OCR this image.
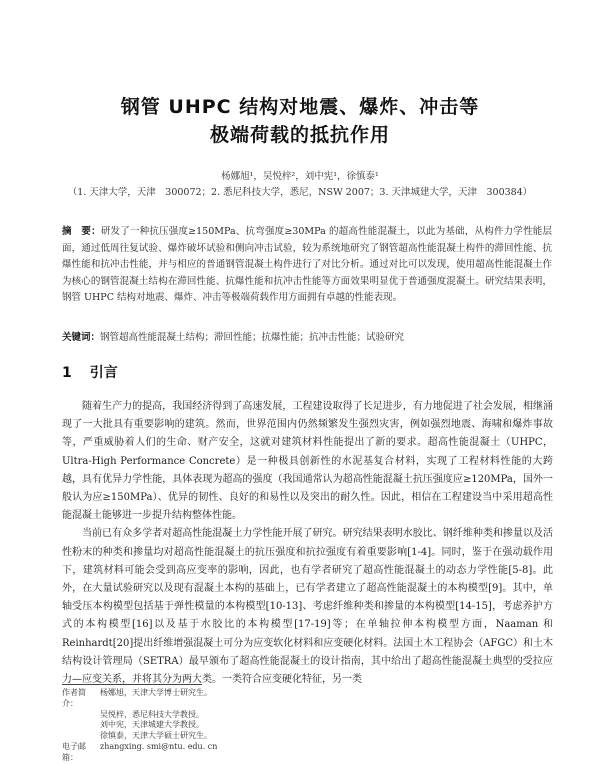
钢管 UHPC 结构对地震、爆炸、冲击等
极端荷载的抵抗作用
杨娜旭¹，吴悦梓²，刘中宪¹，徐慎泰¹
（1. 天津大学，天津　300072；2. 悉尼科技大学，悉尼，NSW 2007；3. 天津城建大学，天津　300384）
摘　要：研发了一种抗压强度≥150MPa、抗弯强度≥30MPa 的超高性能混凝土，以此为基础，从构件力学性能层面，通过低周往复试验、爆炸破坏试验和侧向冲击试验，较为系统地研究了钢管超高性能混凝土构件的滞回性能、抗爆性能和抗冲击性能，并与相应的普通钢管混凝土构件进行了对比分析。通过对比可以发现，使用超高性能混凝土作为核心的钢管混凝土结构在滞回性能、抗爆性能和抗冲击性能等方面效果明显优于普通强度混凝土。研究结果表明，钢管 UHPC 结构对地震、爆炸、冲击等极端荷载作用方面拥有卓越的性能表现。
关键词：钢管超高性能混凝土结构；滞回性能；抗爆性能；抗冲击性能；试验研究
1 引言

随着生产力的提高，我国经济得到了高速发展，工程建设取得了长足进步，有力地促进了社会发展，相继涌现了一大批具有重要影响的建筑。然而，世界范围内仍然频繁发生强烈灾害，例如强烈地震、海啸和爆炸事故等，严重威胁着人们的生命、财产安全，这就对建筑材料性能提出了新的要求。超高性能混凝土（UHPC，Ultra-High Performance Concrete）是一种极具创新性的水泥基复合材料，实现了工程材料性能的大跨越，具有优异力学性能，具体表现为超高的强度（我国通常认为超高性能混凝土抗压强度应≥120MPa，国外一般认为应≥150MPa）、优异的韧性、良好的和易性以及突出的耐久性。因此，相信在工程建设当中采用超高性能混凝土能够进一步提升结构整体性能。

当前已有众多学者对超高性能混凝土力学性能开展了研究。研究结果表明水胶比、钢纤维种类和掺量以及活性粉末的种类和掺量均对超高性能混凝土的抗压强度和抗拉强度有着重要影响[1-4]。同时，鉴于在强动载作用下，建筑材料可能会受到高应变率的影响，因此，也有学者研究了超高性能混凝土的动态力学性能[5-8]。此外，在大量试验研究以及现有混凝土本构的基础上，已有学者建立了超高性能混凝土的本构模型[9]。其中，单轴受压本构模型包括基于弹性模量的本构模型[10-13]、考虑纤维种类和掺量的本构模型[14-15]，考虑养护方式的本构模型[16]以及基于水胶比的本构模型[17-19]等；在单轴拉伸本构模型方面，Naaman 和 Reinhardt[20]提出纤维增强混凝土可分为应变软化材料和应变硬化材料。法国土木工程协会（AFGC）和土木结构设计管理局（SETRA）最早颁布了超高性能混凝土的设计指南，其中给出了超高性能混凝土典型的受拉应力—应变关系，并将其分为两大类。一类符合应变硬化特征，另一类

作者简介：
杨娜旭，天津大学博士研究生。
吴悦梓，悉尼科技大学教授。
刘中宪，天津城建大学教授。
徐慎泰，天津大学硕士研究生。
电子邮箱：
zhangxing. smi@ntu. edu. cn
